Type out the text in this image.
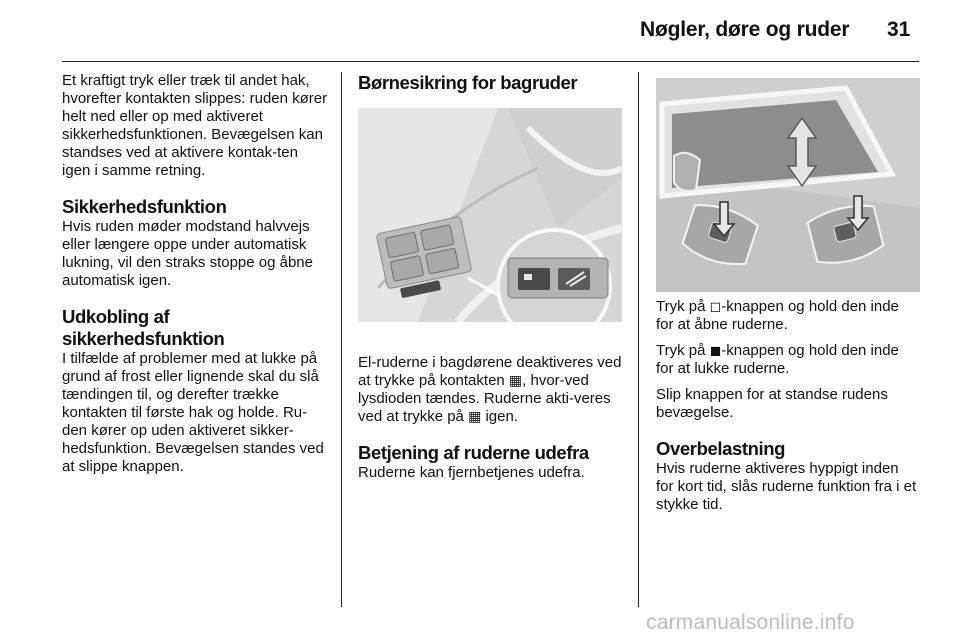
Nøgler, døre og ruder 31

Et kraftigt tryk eller træk til andet hak, hvorefter kontakten slippes: ruden kører helt ned eller op med aktiveret sikkerhedsfunktionen. Bevægelsen kan standses ved at aktivere kontak-ten igen i samme retning.

Sikkerhedsfunktion

Hvis ruden møder modstand halvvejs eller længere oppe under automatisk lukning, vil den straks stoppe og åbne automatisk igen.

Udkobling af sikkerhedsfunktion

I tilfælde af problemer med at lukke på grund af frost eller lignende skal du slå tændingen til, og derefter trække kontakten til første hak og holde. Ru-den kører op uden aktiveret sikker-hedsfunktion. Bevægelsen standes ved at slippe knappen.

Børnesikring for bagruder

El-ruderne i bagdørene deaktiveres ved at trykke på kontakten ▦, hvor-ved lysdioden tændes. Ruderne akti-veres ved at trykke på ▦ igen.

Betjening af ruderne udefra

Ruderne kan fjernbetjenes udefra.

Tryk på ◻-knappen og hold den inde for at åbne ruderne.

Tryk på ◼-knappen og hold den inde for at lukke ruderne.

Slip knappen for at standse rudens bevægelse.

Overbelastning

Hvis ruderne aktiveres hyppigt inden for kort tid, slås ruderne funktion fra i et stykke tid.

carmanualsonline.info
